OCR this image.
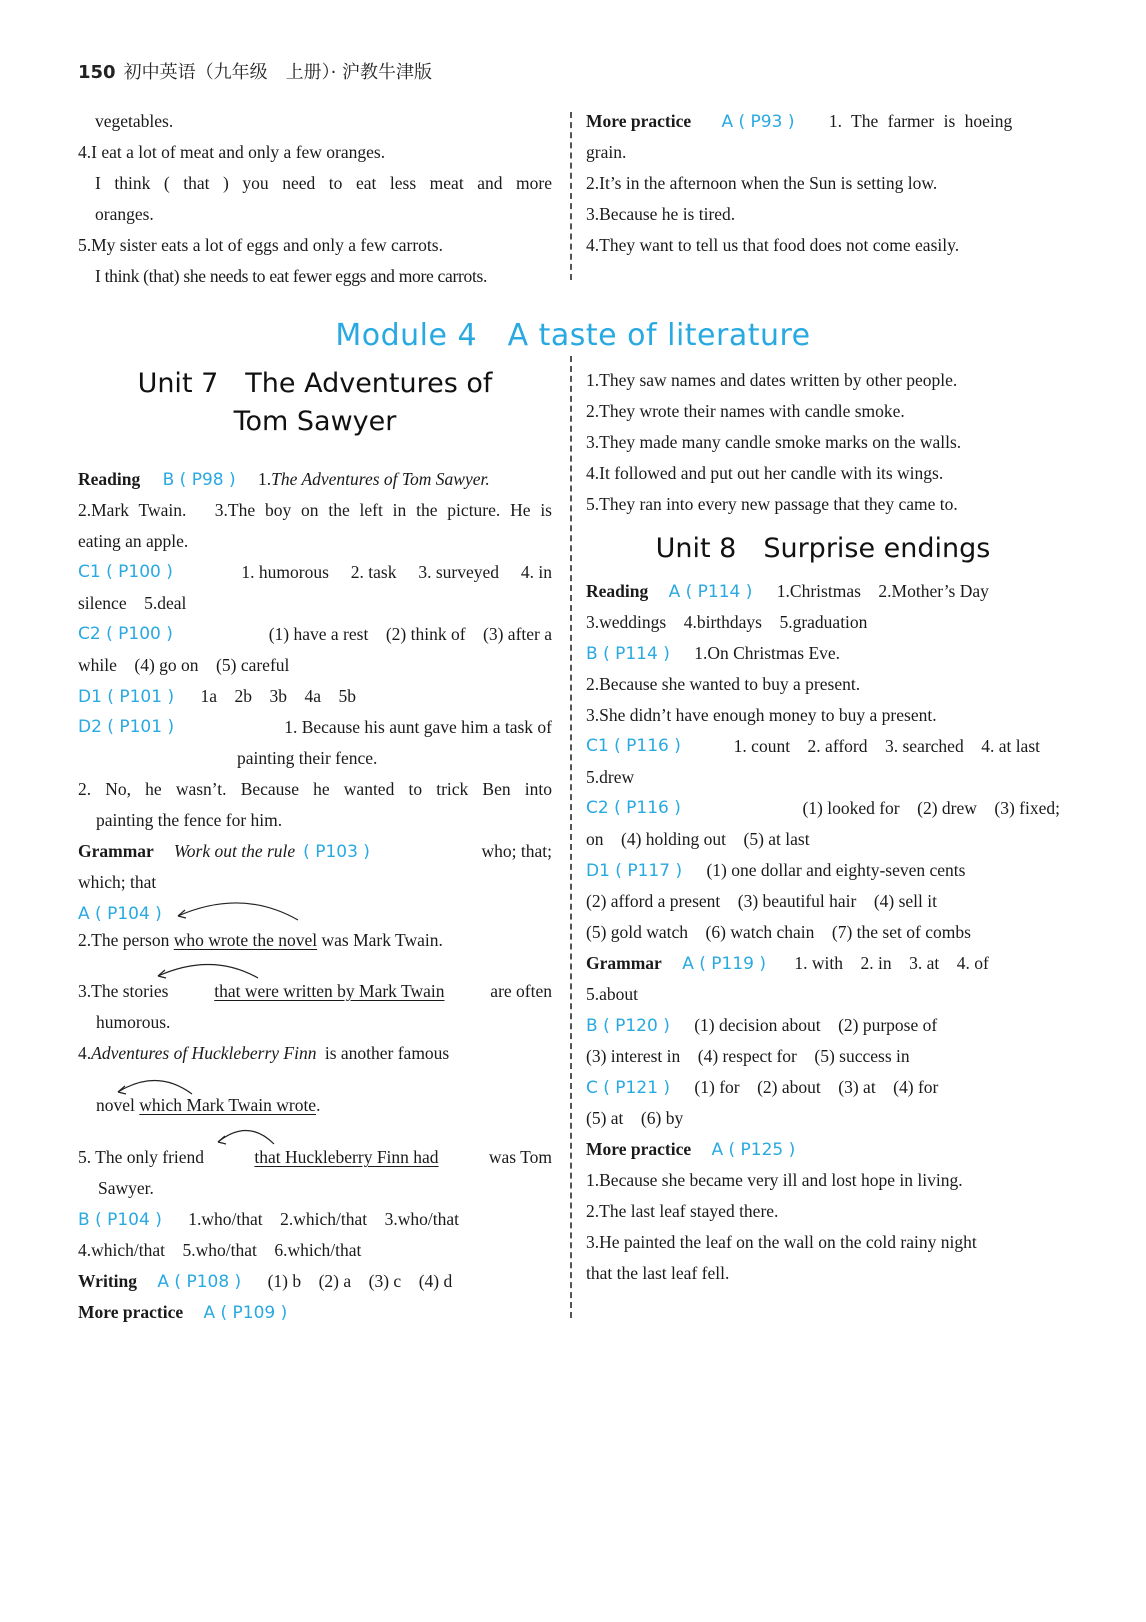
150 初中英语（九年级　上册）· 沪教牛津版
vegetables.
4.I eat a lot of meat and only a few oranges.
I think ( that ) you need to eat less meat and more
oranges.
5.My sister eats a lot of eggs and only a few carrots.
I think (that) she needs to eat fewer eggs and more carrots.
More practice A ( P93 ) 1. The farmer is hoeing
grain.
2.It’s in the afternoon when the Sun is setting low.
3.Because he is tired.
4.They want to tell us that food does not come easily.
Module 4　A taste of literature
Unit 7　The Adventures of
Tom Sawyer
Reading B ( P98 ) 1.The Adventures of Tom Sawyer.
2.Mark Twain.　3.The boy on the left in the picture. He is
eating an apple.
C1 ( P100 )	1. humorous　 2. task　 3. surveyed　 4. in
silence　5.deal
C2 ( P100 )	(1) have a rest　(2) think of　(3) after a
while　(4) go on　(5) careful
D1 ( P101 ) 1a　2b　3b　4a　5b
D2 ( P101 )	1. Because his aunt gave him a task of
painting their fence.
2. No, he wasn’t. Because he wanted to trick Ben into
painting the fence for him.
Grammar Work out the rule ( P103 )	who; that;
which; that
A ( P104 )
2.The person who wrote the novel was Mark Twain.
3.The stories	that were written by Mark Twain	are often
humorous.
4.Adventures of Huckleberry Finn is another famous
novel which Mark Twain wrote.
5. The only friend	that Huckleberry Finn had	was Tom
Sawyer.
B ( P104 ) 1.who/that　2.which/that　3.who/that
4.which/that　5.who/that　6.which/that
Writing A ( P108 ) (1) b　(2) a　(3) c　(4) d
More practice A ( P109 )
1.They saw names and dates written by other people.
2.They wrote their names with candle smoke.
3.They made many candle smoke marks on the walls.
4.It followed and put out her candle with its wings.
5.They ran into every new passage that they came to.
Unit 8　Surprise endings
Reading A ( P114 ) 1.Christmas　2.Mother’s Day
3.weddings　4.birthdays　5.graduation
B ( P114 ) 1.On Christmas Eve.
2.Because she wanted to buy a present.
3.She didn’t have enough money to buy a present.
C1 ( P116 )	1. count　2. afford　3. searched　4. at last
5.drew
C2 ( P116 )	(1) looked for　(2) drew　(3) fixed;
on　(4) holding out　(5) at last
D1 ( P117 ) (1) one dollar and eighty-seven cents
(2) afford a present　(3) beautiful hair　(4) sell it
(5) gold watch　(6) watch chain　(7) the set of combs
Grammar A ( P119 ) 1. with　2. in　3. at　4. of
5.about
B ( P120 ) (1) decision about　(2) purpose of
(3) interest in　(4) respect for　(5) success in
C ( P121 ) (1) for　(2) about　(3) at　(4) for
(5) at　(6) by
More practice A ( P125 )
1.Because she became very ill and lost hope in living.
2.The last leaf stayed there.
3.He painted the leaf on the wall on the cold rainy night
that the last leaf fell.
